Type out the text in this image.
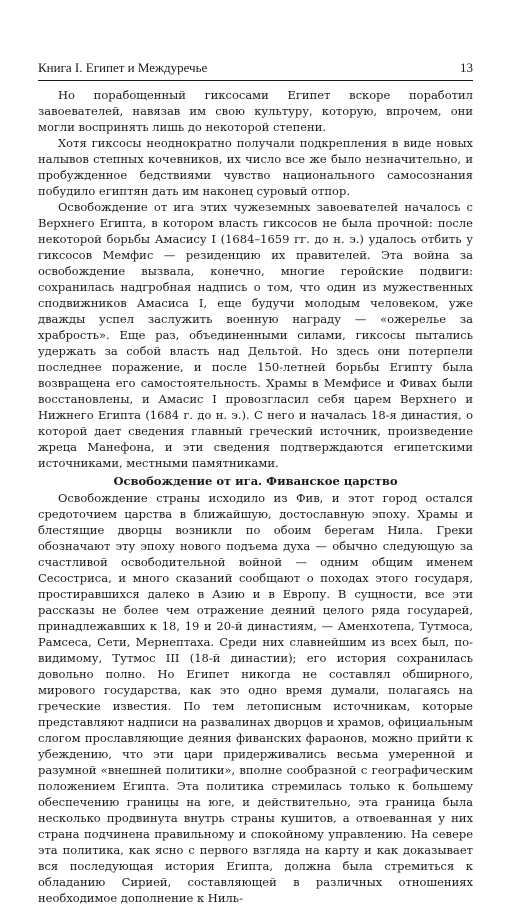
Книга I. Египет и Междуречье	13

Но порабощенный гиксосами Египет вскоре поработил завоевателей, навязав им свою культуру, которую, впрочем, они могли воспринять лишь до некоторой степени.

Хотя гиксосы неоднократно получали подкрепления в виде новых налывов степных кочевников, их число все же было незначительно, и пробужденное бедствиями чувство национального самосознания побудило египтян дать им наконец суровый отпор.

Освобождение от ига этих чужеземных завоевателей началось с Верхнего Египта, в котором власть гиксосов не была прочной: после некоторой борьбы Амасису I (1684–1659 гг. до н. э.) удалось отбить у гиксосов Мемфис — резиденцию их правителей. Эта война за освобождение вызвала, конечно, многие геройские подвиги: сохранилась надгробная надпись о том, что один из мужественных сподвижников Амасиса I, еще будучи молодым человеком, уже дважды успел заслужить военную награду — «ожерелье за храбрость». Еще раз, объединенными силами, гиксосы пытались удержать за собой власть над Дельтой. Но здесь они потерпели последнее поражение, и после 150-летней борьбы Египту была возвращена его самостоятельность. Храмы в Мемфисе и Фивах были восстановлены, и Амасис I провозгласил себя царем Верхнего и Нижнего Египта (1684 г. до н. э.). С него и началась 18-я династия, о которой дает сведения главный греческий источник, произведение жреца Манефона, и эти сведения подтверждаются египетскими источниками, местными памятниками.

Освобождение от ига. Фиванское царство

Освобождение страны исходило из Фив, и этот город остался средоточием царства в ближайшую, достославную эпоху. Храмы и блестящие дворцы возникли по обоим берегам Нила. Греки обозначают эту эпоху нового подъема духа — обычно следующую за счастливой освободительной войной — одним общим именем Сесостриса, и много сказаний сообщают о походах этого государя, простиравшихся далеко в Азию и в Европу. В сущности, все эти рассказы не более чем отражение деяний целого ряда государей, принадлежавших к 18, 19 и 20-й династиям, — Аменхотепа, Тутмоса, Рамсеса, Сети, Мернептаха. Среди них славнейшим из всех был, по-видимому, Тутмос III (18-й династии); его история сохранилась довольно полно. Но Египет никогда не составлял обширного, мирового государства, как это одно время думали, полагаясь на греческие известия. По тем летописным источникам, которые представляют надписи на развалинах дворцов и храмов, официальным слогом прославляющие деяния фиванских фараонов, можно прийти к убеждению, что эти цари придерживались весьма умеренной и разумной «внешней политики», вполне сообразной с географическим положением Египта. Эта политика стремилась только к большему обеспечению границы на юге, и действительно, эта граница была несколько продвинута внутрь страны кушитов, а отвоеванная у них страна подчинена правильному и спокойному управлению. На севере эта политика, как ясно с первого взгляда на карту и как доказывает вся последующая история Египта, должна была стремиться к обладанию Сирией, составляющей в различных отношениях необходимое дополнение к Ниль-
